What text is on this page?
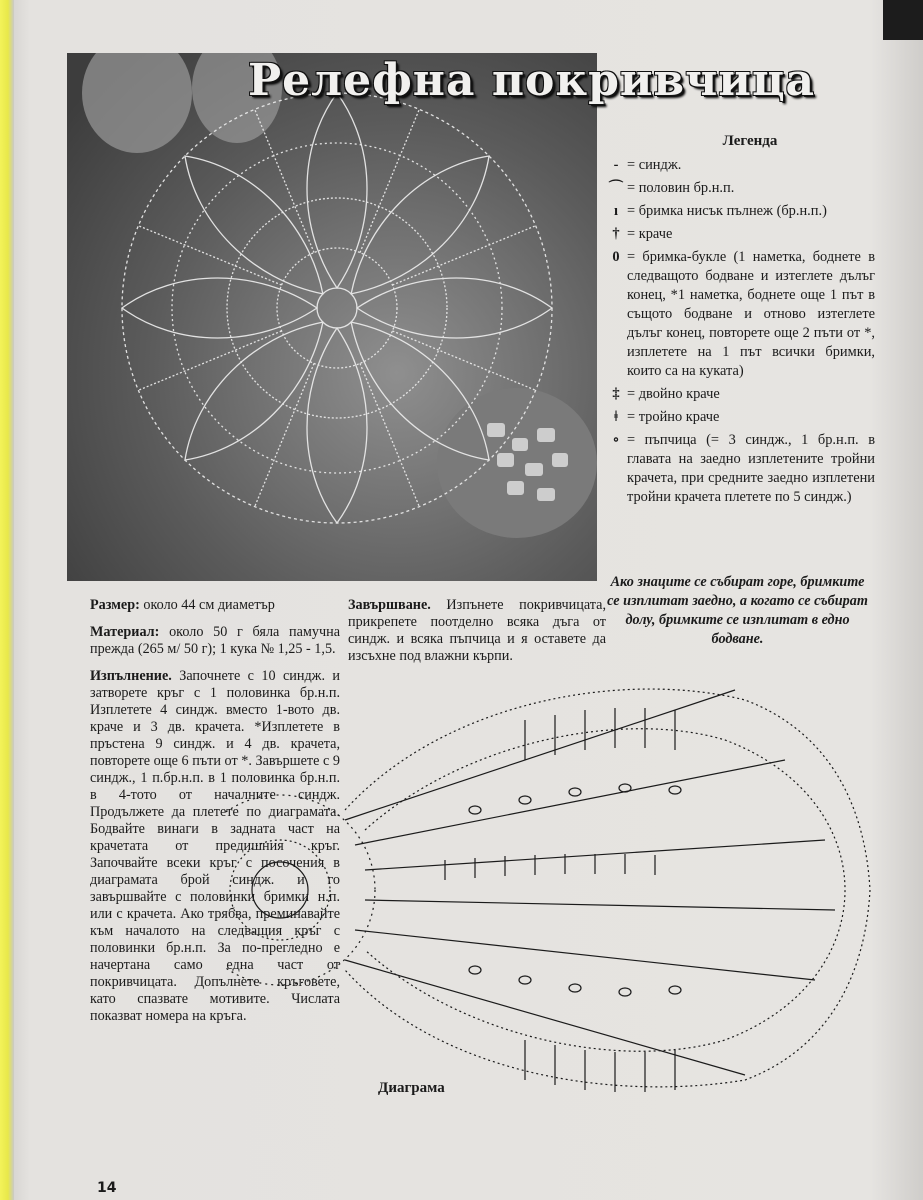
Релефна покривчица
Легенда
- = синдж.
⌒ = половин бр.н.п.
ı = бримка нисък пълнеж (бр.н.п.)
† = краче
0 = бримка-букле (1 наметка, боднете в следващото бодване и изтеглете дълъг конец, *1 наметка, боднете още 1 път в същото бодване и отново изтеглете дълъг конец, повторете още 2 пъти от *, изплетете на 1 път всички бримки, които са на куката)
‡ = двойно краче
ǂ = тройно краче
∘ = пъпчица (= 3 синдж., 1 бр.н.п. в главата на заедно изплетените тройни крачета, при средните заедно изплетени тройни крачета плетете по 5 синдж.)
Ако знаците се събират горе, бримките се изплитат заедно, а когато се събират долу, бримките се изплитат в едно бодване.

Размер: около 44 см диаметър

Материал: около 50 г бяла памучна прежда (265 м/ 50 г); 1 кука № 1,25 - 1,5.

Изпълнение. Започнете с 10 синдж. и затворете кръг с 1 половинка бр.н.п. Изплетете 4 синдж. вместо 1-вото дв. краче и 3 дв. крачета. *Изплетете в пръстена 9 синдж. и 4 дв. крачета, повторете още 6 пъти от *. Завършете с 9 синдж., 1 п.бр.н.п. в 1 половинка бр.н.п. в 4-тото от началните синдж. Продължете да плетете по диаграмата. Бодвайте винаги в задната част на крачетата от предишния кръг. Започвайте всеки кръг с посочения в диаграмата брой синдж. и го завършвайте с половинки бримки н.п. или с крачета. Ако трябва, преминавайте към началото на следващия кръг с половинки бр.н.п. За по-прегледно е начертана само една част от покривчицата. Допълнете кръговете, като спазвате мотивите. Числата показват номера на кръга.

Завършване. Изпънете покривчицата, прикрепете поотделно всяка дъга от синдж. и всяка пъпчица и я оставете да изсъхне под влажни кърпи.

Диаграма
14
